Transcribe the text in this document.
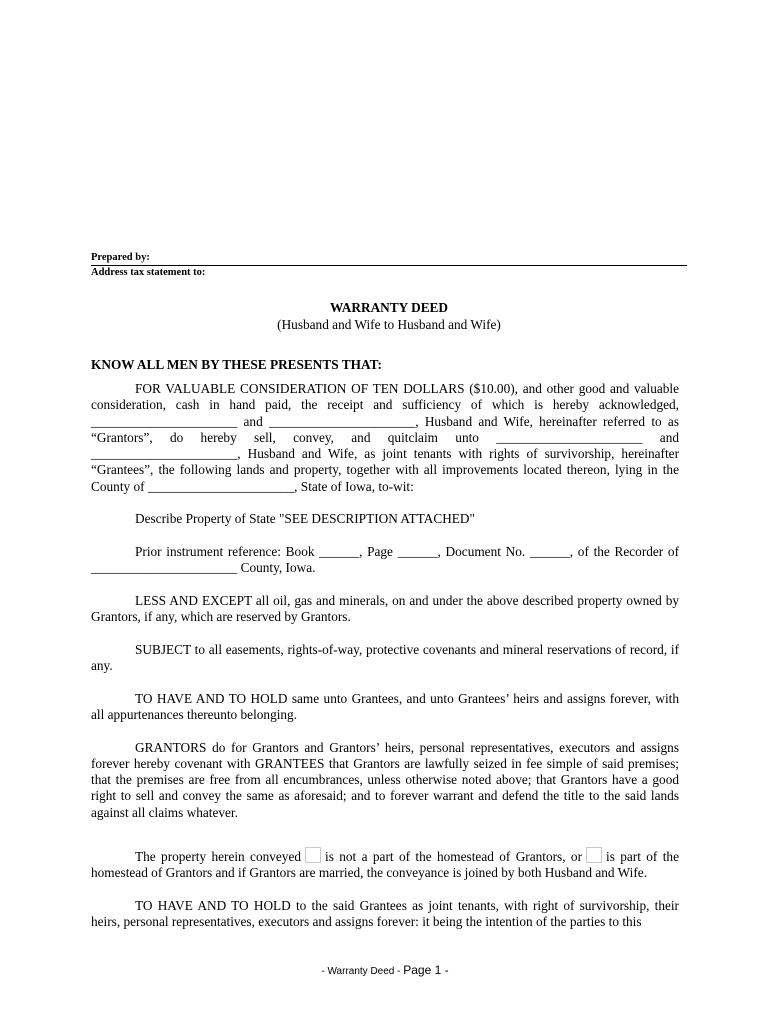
Prepared by:
Address tax statement to:
WARRANTY DEED
(Husband and Wife to Husband and Wife)
KNOW ALL MEN BY THESE PRESENTS THAT:

FOR VALUABLE CONSIDERATION OF TEN DOLLARS ($10.00), and other good and valuable consideration, cash in hand paid, the receipt and sufficiency of which is hereby acknowledged, ______________________ and ______________________, Husband and Wife, hereinafter referred to as “Grantors”, do hereby sell, convey, and quitclaim unto ______________________ and ______________________, Husband and Wife, as joint tenants with rights of survivorship, hereinafter “Grantees”, the following lands and property, together with all improvements located thereon, lying in the County of ______________________, State of Iowa, to-wit:

Describe Property of State "SEE DESCRIPTION ATTACHED"

Prior instrument reference: Book ______, Page ______, Document No. ______, of the Recorder of ______________________ County, Iowa.

LESS AND EXCEPT all oil, gas and minerals, on and under the above described property owned by Grantors, if any, which are reserved by Grantors.

SUBJECT to all easements, rights-of-way, protective covenants and mineral reservations of record, if any.

TO HAVE AND TO HOLD same unto Grantees, and unto Grantees’ heirs and assigns forever, with all appurtenances thereunto belonging.

GRANTORS do for Grantors and Grantors’ heirs, personal representatives, executors and assigns forever hereby covenant with GRANTEES that Grantors are lawfully seized in fee simple of said premises; that the premises are free from all encumbrances, unless otherwise noted above; that Grantors have a good right to sell and convey the same as aforesaid; and to forever warrant and defend the title to the said lands against all claims whatever.

The property herein conveyed is not a part of the homestead of Grantors, or is part of the homestead of Grantors and if Grantors are married, the conveyance is joined by both Husband and Wife.

TO HAVE AND TO HOLD to the said Grantees as joint tenants, with right of survivorship, their heirs, personal representatives, executors and assigns forever: it being the intention of the parties to this

- Warranty Deed - Page 1 -
